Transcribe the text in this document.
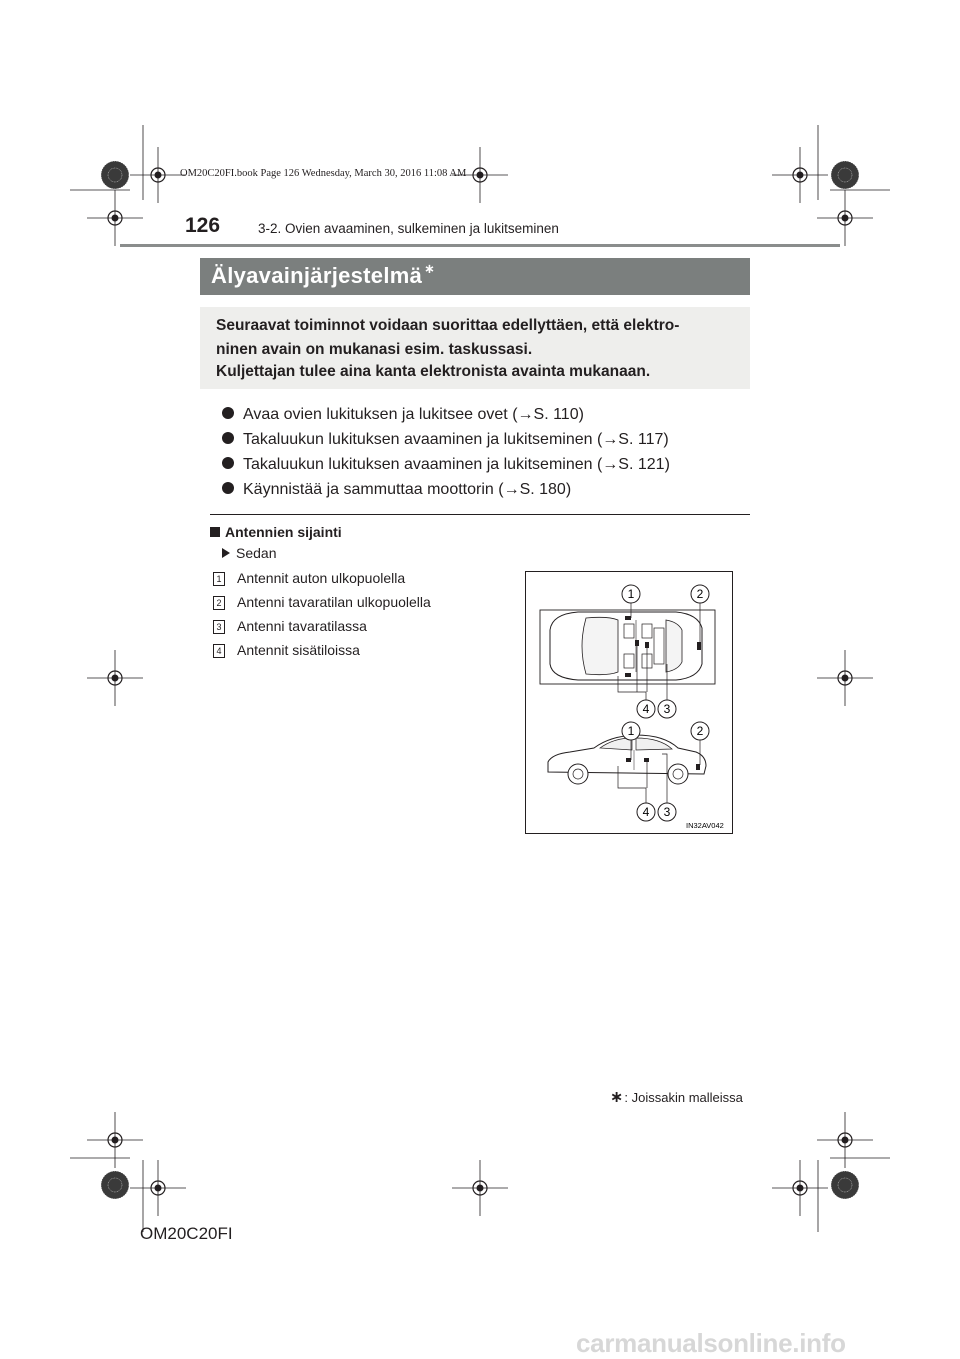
OM20C20FI.book Page 126 Wednesday, March 30, 2016 11:08 AM
126	3-2. Ovien avaaminen, sulkeminen ja lukitseminen
Älyavainjärjestelmä ∗
Seuraavat toiminnot voidaan suorittaa edellyttäen, että elektro-
ninen avain on mukanasi esim. taskussasi.
Kuljettajan tulee aina kanta elektronista avainta mukanaan.
Avaa ovien lukituksen ja lukitsee ovet (→S. 110)
Takaluukun lukituksen avaaminen ja lukitseminen (→S. 117)
Takaluukun lukituksen avaaminen ja lukitseminen (→S. 121)
Käynnistää ja sammuttaa moottorin (→S. 180)
Antennien sijainti
Sedan
1 Antennit auton ulkopuolella
2 Antenni tavaratilan ulkopuolella
3 Antenni tavaratilassa
4 Antennit sisätiloissa
1	2
4 3
1	2
4 3
IN32AV042
∗: Joissakin malleissa
OM20C20FI
carmanualsonline.info
